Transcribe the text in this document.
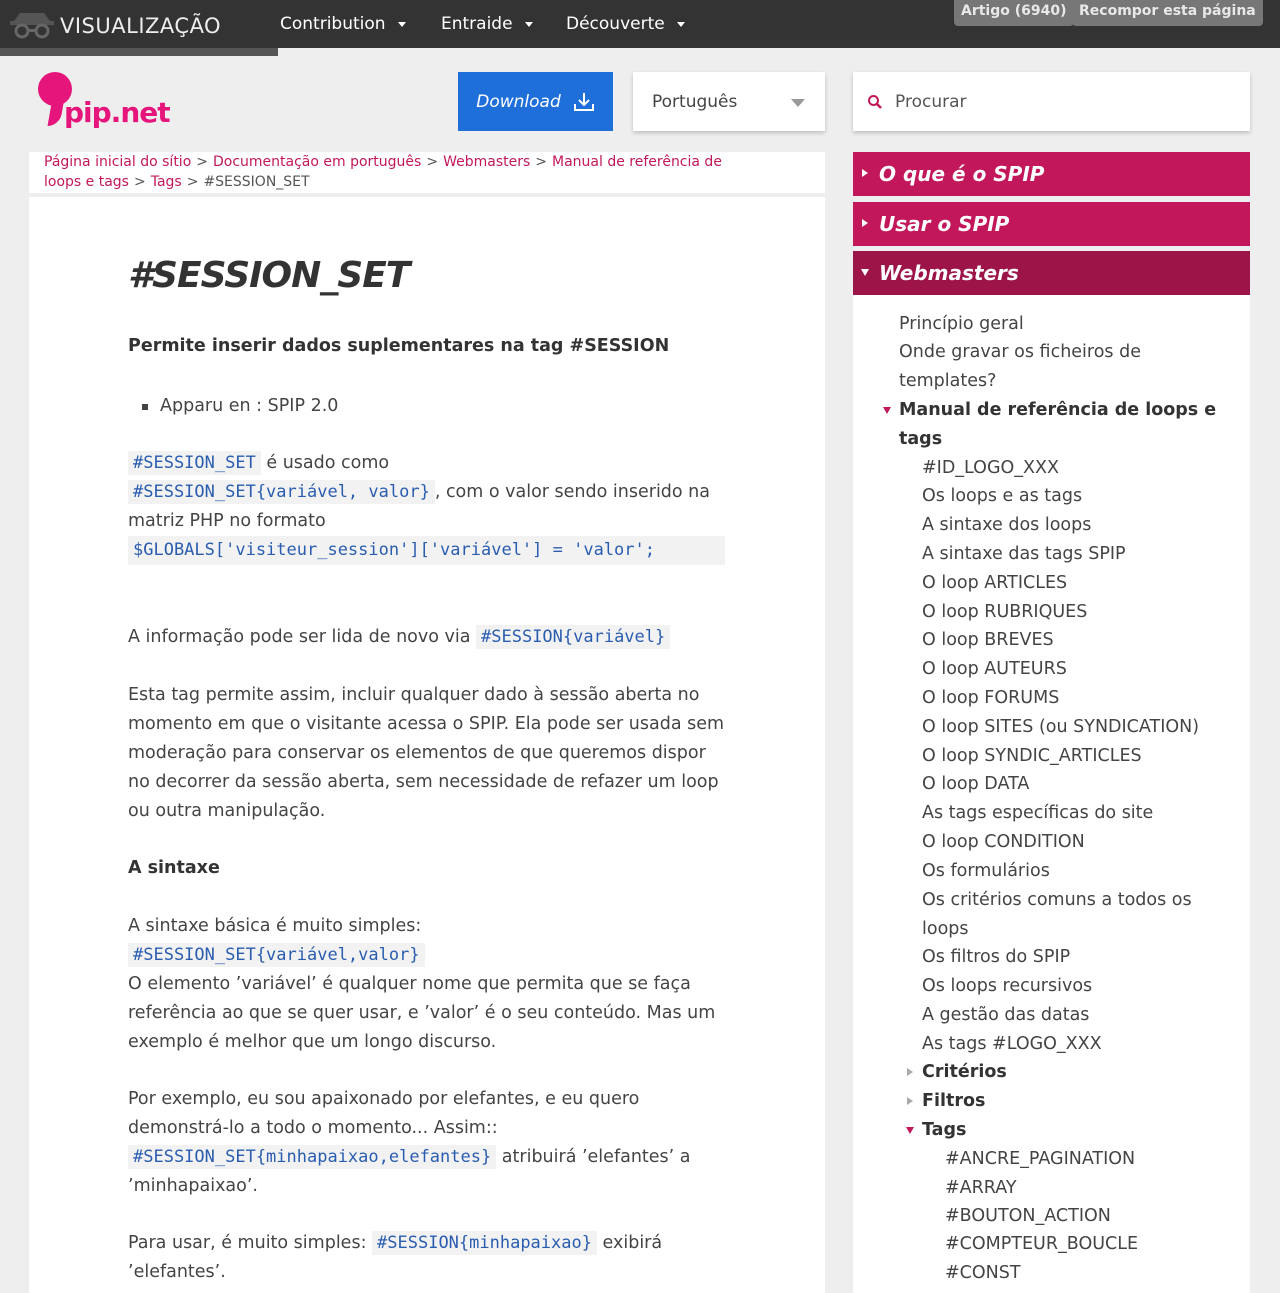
VISUALIZAÇÃO	Contribution	Entraide	Découverte
Artigo (6940) Recompor esta página
pip.net	Download	Português	Procurar
Página inicial do sítio > Documentação em português > Webmasters > Manual de referência de
loops e tags > Tags > #SESSION_SET
#SESSION_SET
Permite inserir dados suplementares na tag #SESSION
#SESSION_SET é usado como
#SESSION_SET{variável, valor} , com o valor sendo inserido na matriz PHP no formato
$GLOBALS['visiteur_session']['variável'] = 'valor';
A informação pode ser lida de novo via #SESSION{variável}
Esta tag permite assim, incluir qualquer dado à sessão aberta no momento em que o visitante acessa o SPIP. Ela pode ser usada sem moderação para conservar os elementos de que queremos dispor no decorrer da sessão aberta, sem necessidade de refazer um loop ou outra manipulação.
A sintaxe
A sintaxe básica é muito simples:
#SESSION_SET{variável,valor}
O elemento ’variável’ é qualquer nome que permita que se faça referência ao que se quer usar, e ’valor’ é o seu conteúdo. Mas um exemplo é melhor que um longo discurso.
Por exemplo, eu sou apaixonado por elefantes, e eu quero demonstrá-lo a todo o momento... Assim::
#SESSION_SET{minhapaixao,elefantes} atribuirá ’elefantes’ a ’minhapaixao’.
Para usar, é muito simples: #SESSION{minhapaixao} exibirá ’elefantes’.
Apparu en : SPIP 2.0
O que é o SPIP
Usar o SPIP
Webmasters
Princípio geral
Onde gravar os ficheiros de templates?
Manual de referência de loops e tags
#ID_LOGO_XXX
Os loops e as tags
A sintaxe dos loops
A sintaxe das tags SPIP
O loop ARTICLES
O loop RUBRIQUES
O loop BREVES
O loop AUTEURS
O loop FORUMS
O loop SITES (ou SYNDICATION)
O loop SYNDIC_ARTICLES
O loop DATA
As tags específicas do site
O loop CONDITION
Os formulários
Os critérios comuns a todos os loops
Os filtros do SPIP
Os loops recursivos
A gestão das datas
As tags #LOGO_XXX
Critérios
Filtros
Tags
#ANCRE_PAGINATION
#ARRAY
#BOUTON_ACTION
#COMPTEUR_BOUCLE
#CONST
